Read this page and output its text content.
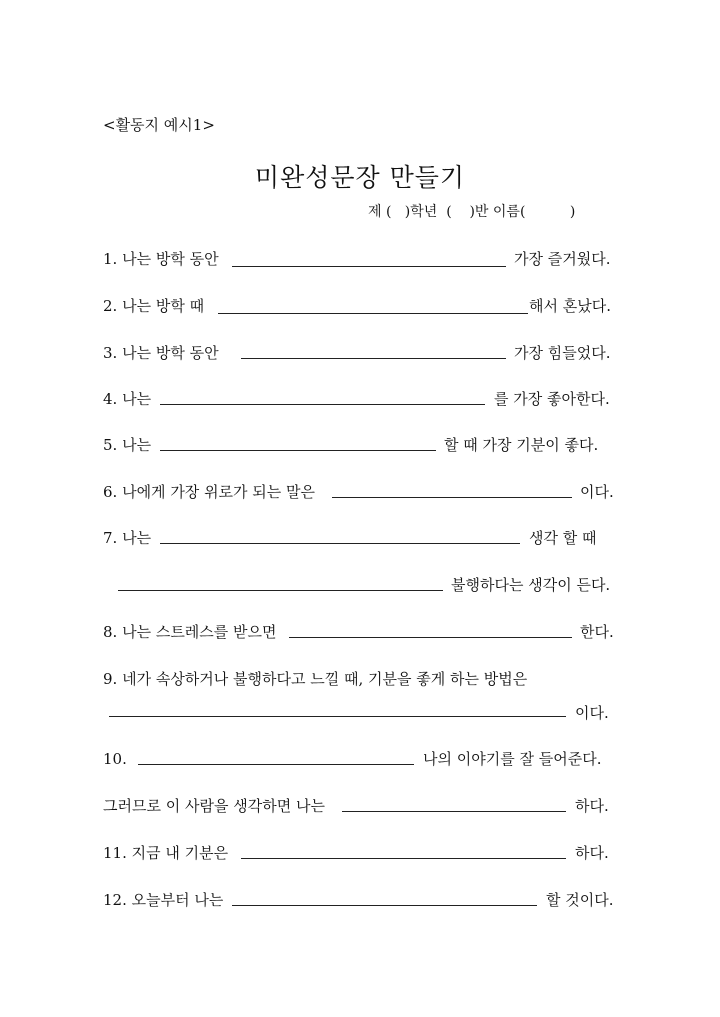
<활동지 예시1>
미완성문장 만들기
제 (   )학년  (    )반 이름(          )
1. 나는 방학 동안	가장 즐거웠다.
2. 나는 방학 때	해서 혼났다.
3. 나는 방학 동안	가장 힘들었다.
4. 나는	를 가장 좋아한다.
5. 나는	할 때 가장 기분이 좋다.
6. 나에게 가장 위로가 되는 말은	이다.
7. 나는	생각 할 때
불행하다는 생각이 든다.
8. 나는 스트레스를 받으면	한다.
9. 네가 속상하거나 불행하다고 느낄 때, 기분을 좋게 하는 방법은
이다.
10.	나의 이야기를 잘 들어준다.
그러므로 이 사람을 생각하면 나는	하다.
11. 지금 내 기분은	하다.
12. 오늘부터 나는	할 것이다.
